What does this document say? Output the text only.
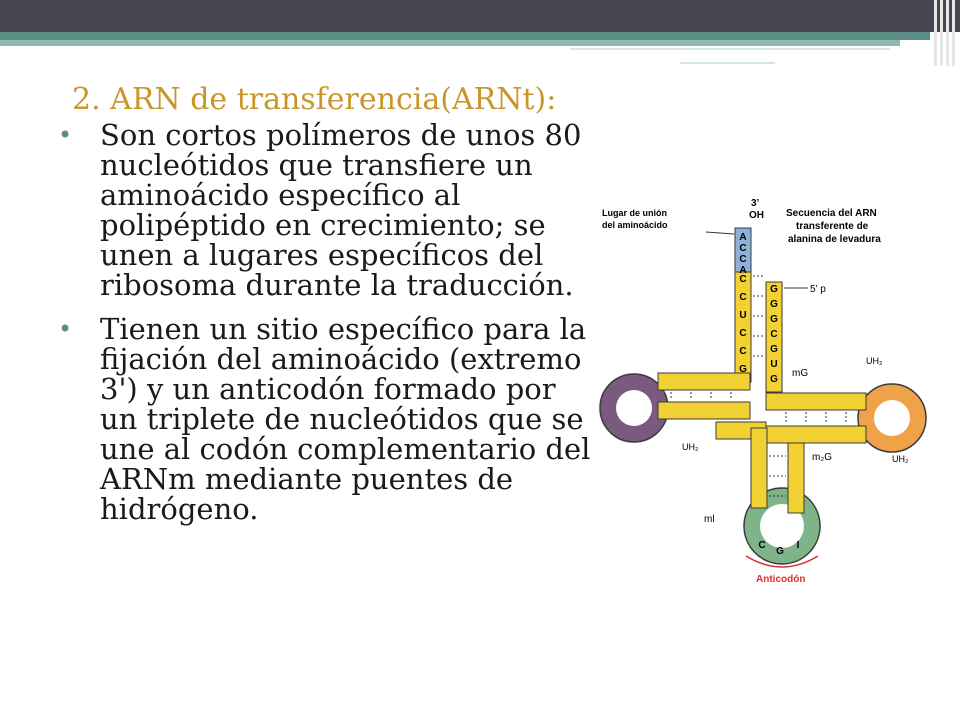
2. ARN de transferencia(ARNt):
• Son cortos polímeros de unos 80 nucleótidos que transfiere un aminoácido específico al polipéptido en crecimiento; se unen a lugares específicos del ribosoma durante la traducción.
• Tienen un sitio específico para la fijación del aminoácido (extremo 3') y un anticodón formado por un triplete de nucleótidos que se une al codón complementario del ARNm mediante puentes de hidrógeno.
A
C
C
A
C
C
U
C
C
G
G
G
G
C
G
U
G
C
G
I
3’
OH
Lugar de unión
del aminoácido
Secuencia del ARN
transferente de
alanina de levadura
5’ p
mG
m₂G
UH₂
UH₂
UH₂
ml
Anticodón
